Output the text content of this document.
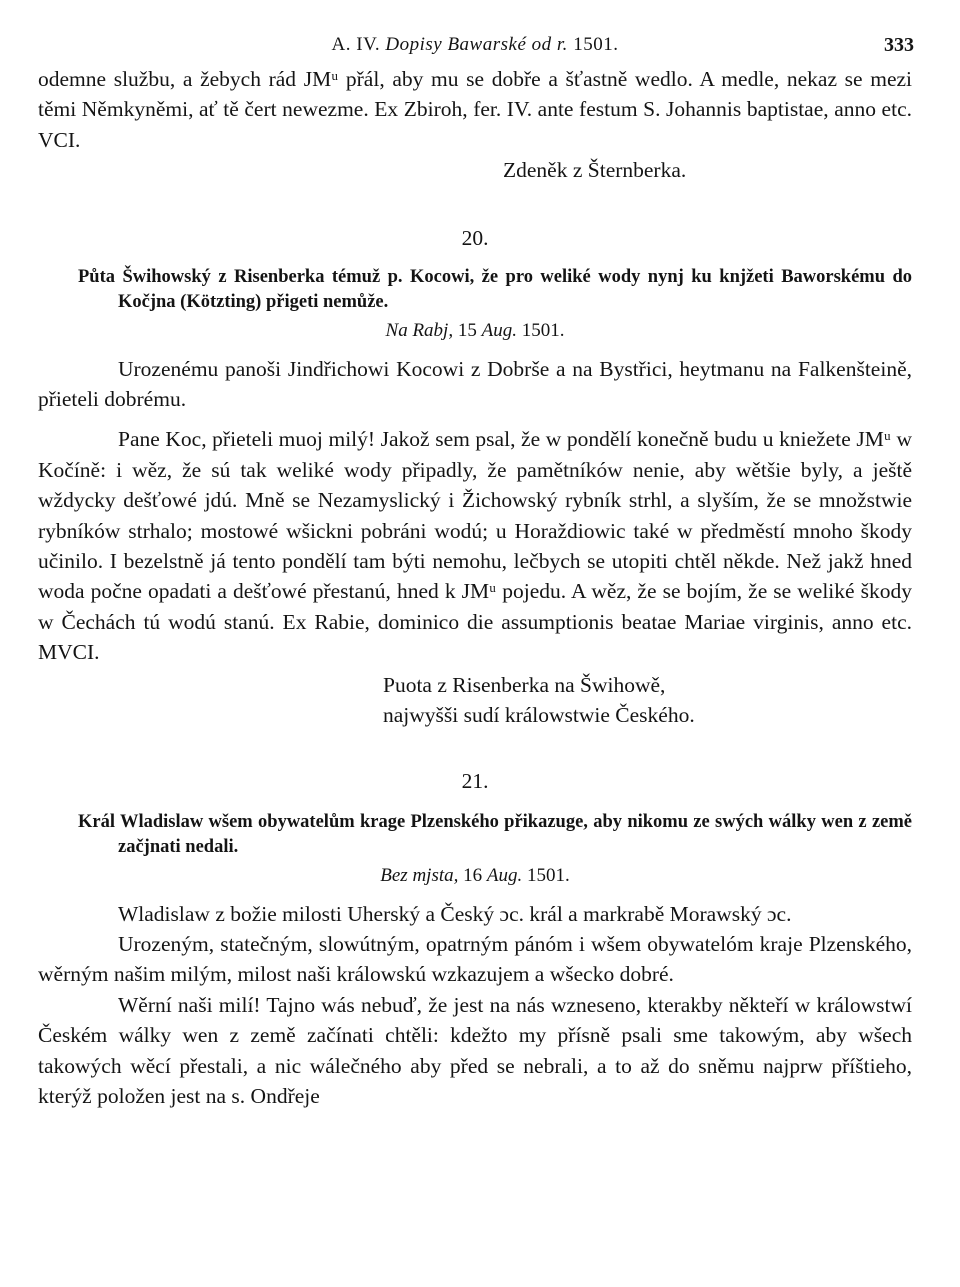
A. IV. Dopisy Bawarské od r. 1501.	333

odemne službu, a žebych rád JMᵘ přál, aby mu se dobře a šťastně wedlo. A medle, nekaz se mezi těmi Němkyněmi, ať tě čert newezme. Ex Zbiroh, fer. IV. ante festum S. Johannis baptistae, anno etc. VCI.

Zdeněk z Šternberka.

20.

Půta Šwihowský z Risenberka témuž p. Kocowi, že pro weliké wody nynj ku knjžeti Baworskému do Kočjna (Kötzting) přigeti nemůže.

Na Rabj, 15 Aug. 1501.

Urozenému panoši Jindřichowi Kocowi z Dobrše a na Bystřici, heytmanu na Falkenšteině, přieteli dobrému.

Pane Koc, přieteli muoj milý! Jakož sem psal, že w pondělí konečně budu u kniežete JMᵘ w Kočíně: i wěz, že sú tak weliké wody připadly, že pamětníków nenie, aby wětšie byly, a ještě wždycky dešťowé jdú. Mně se Nezamyslický i Žichowský rybník strhl, a slyším, že se množstwie rybníków strhalo; mostowé wšickni pobráni wodú; u Horaždiowic také w předměstí mnoho škody učinilo. I bezelstně já tento pondělí tam býti nemohu, lečbych se utopiti chtěl někde. Než jakž hned woda počne opadati a dešťowé přestanú, hned k JMᵘ pojedu. A wěz, že se bojím, že se weliké škody w Čechách tú wodú stanú. Ex Rabie, dominico die assumptionis beatae Mariae virginis, anno etc. MVCI.

Puota z Risenberka na Šwihowě,

najwyšši sudí králowstwie Českého.

21.

Král Wladislaw wšem obywatelům krage Plzenského přikazuge, aby nikomu ze swých wálky wen z země začjnati nedali.

Bez mjsta, 16 Aug. 1501.

Wladislaw z božie milosti Uherský a Český ɔc. král a markrabě Morawský ɔc.

Urozeným, statečným, slowútným, opatrným pánóm i wšem obywatelóm kraje Plzenského, wěrným našim milým, milost naši králowskú wzkazujem a wšecko dobré.

Wěrní naši milí! Tajno wás nebuď, že jest na nás wzneseno, kterakby někteří w králowstwí Českém wálky wen z země začínati chtěli: kdežto my přísně psali sme takowým, aby wšech takowých wěcí přestali, a nic wálečného aby před se nebrali, a to až do sněmu najprw příštieho, kterýž položen jest na s. Ondřeje
